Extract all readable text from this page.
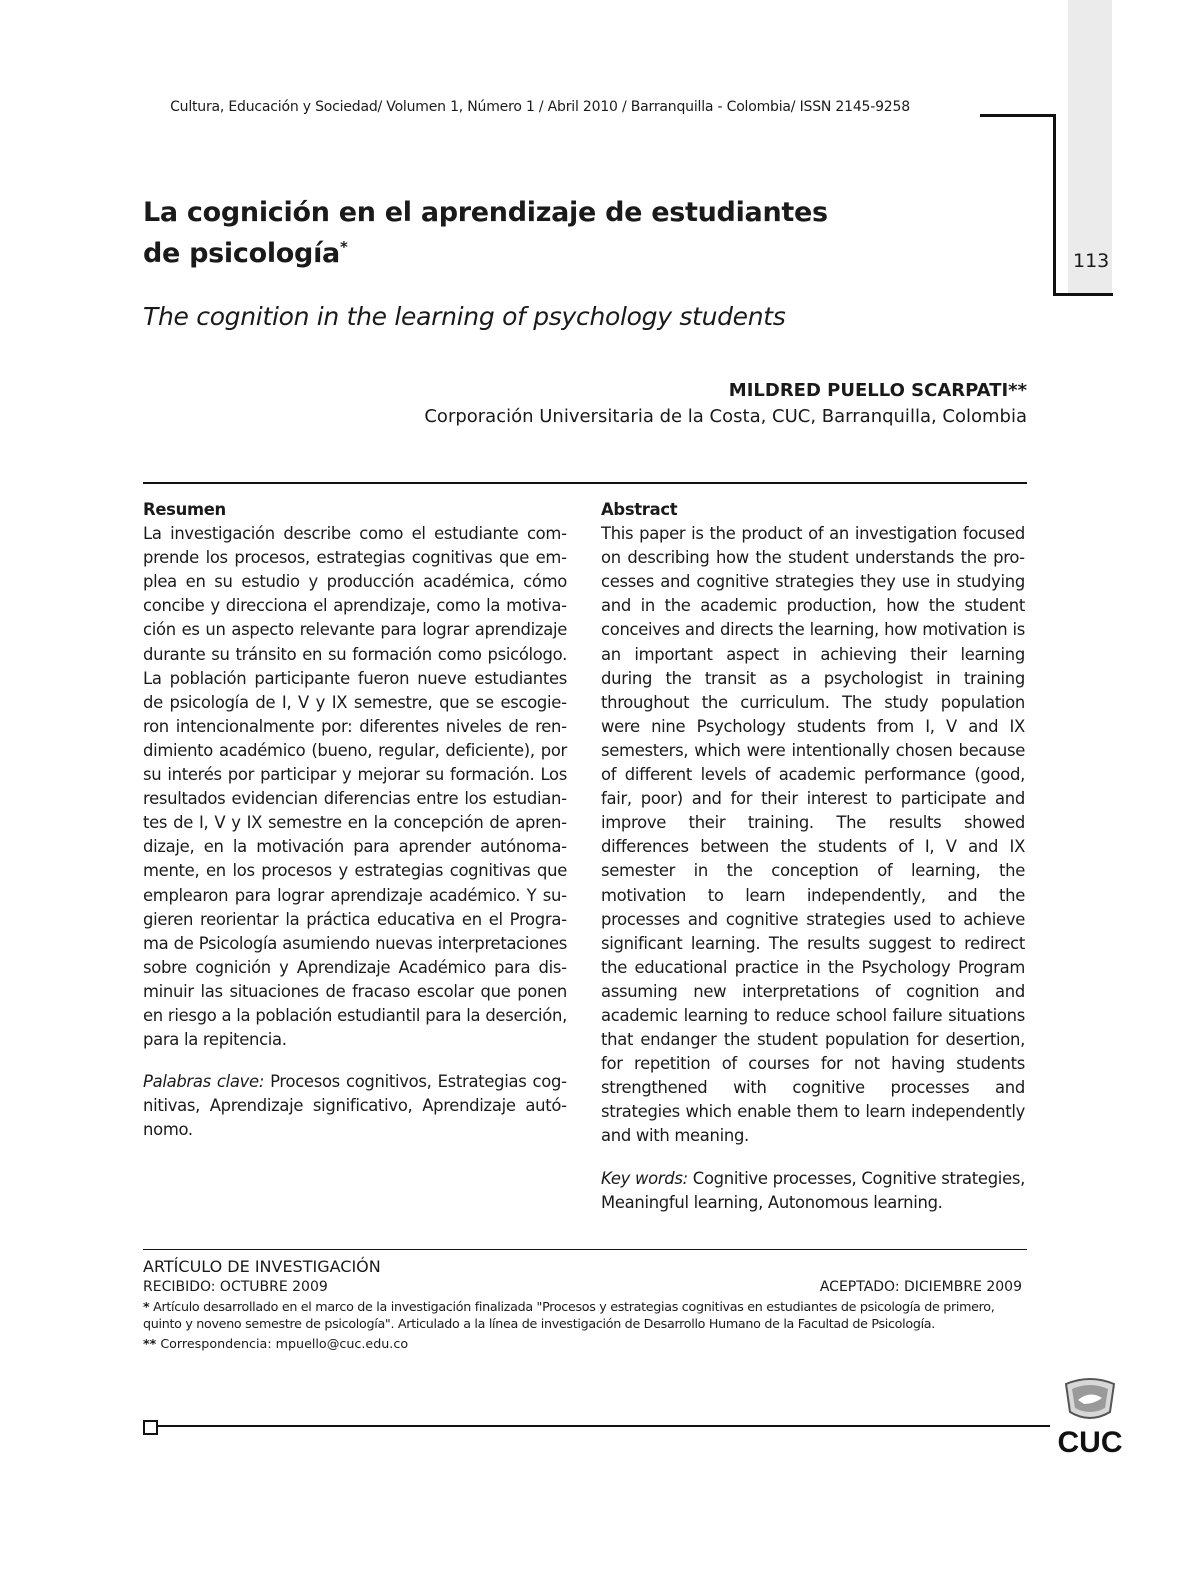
Cultura, Educación y Sociedad/ Volumen 1, Número 1 / Abril 2010 / Barranquilla - Colombia/ ISSN 2145-9258
113
La cognición en el aprendizaje de estudiantes
de psicología*
The cognition in the learning of psychology students
MILDRED PUELLO SCARPATI**
Corporación Universitaria de la Costa, CUC, Barranquilla, Colombia
Resumen

La investigación describe como el estudiante comprende los procesos, estrategias cognitivas que emplea en su estudio y producción académica, cómo concibe y direcciona el aprendizaje, como la motivación es un aspecto relevante para lograr aprendizaje durante su tránsito en su formación como psicólogo. La población participante fueron nueve estudiantes de psicología de I, V y IX semestre, que se escogieron intencionalmente por: diferentes niveles de rendimiento académico (bueno, regular, deficiente), por su interés por participar y mejorar su formación. Los resultados evidencian diferencias entre los estudiantes de I, V y IX semestre en la concepción de aprendizaje, en la motivación para aprender autónomamente, en los procesos y estrategias cognitivas que emplearon para lograr aprendizaje académico. Y sugieren reorientar la práctica educativa en el Programa de Psicología asumiendo nuevas interpretaciones sobre cognición y Aprendizaje Académico para disminuir las situaciones de fracaso escolar que ponen en riesgo a la población estudiantil para la deserción, para la repitencia.

Palabras clave: Procesos cognitivos, Estrategias cognitivas, Aprendizaje significativo, Aprendizaje autónomo.

Abstract

This paper is the product of an investigation focused on describing how the student understands the processes and cognitive strategies they use in studying and in the academic production, how the student conceives and directs the learning, how motivation is an important aspect in achieving their learning during the transit as a psychologist in training throughout the curriculum. The study population were nine Psychology students from I, V and IX semesters, which were intentionally chosen because of different levels of academic performance (good, fair, poor) and for their interest to participate and improve their training. The results showed differences between the students of I, V and IX semester in the conception of learning, the motivation to learn independently, and the processes and cognitive strategies used to achieve significant learning. The results suggest to redirect the educational practice in the Psychology Program assuming new interpretations of cognition and academic learning to reduce school failure situations that endanger the student population for desertion, for repetition of courses for not having students strengthened with cognitive processes and strategies which enable them to learn independently and with meaning.

Key words: Cognitive processes, Cognitive strategies, Meaningful learning, Autonomous learning.

ARTÍCULO DE INVESTIGACIÓN
RECIBIDO: OCTUBRE 2009	ACEPTADO: DICIEMBRE 2009
* Artículo desarrollado en el marco de la investigación finalizada "Procesos y estrategias cognitivas en estudiantes de psicología de primero, quinto y noveno semestre de psicología". Articulado a la línea de investigación de Desarrollo Humano de la Facultad de Psicología.
** Correspondencia: mpuello@cuc.edu.co
CUC
